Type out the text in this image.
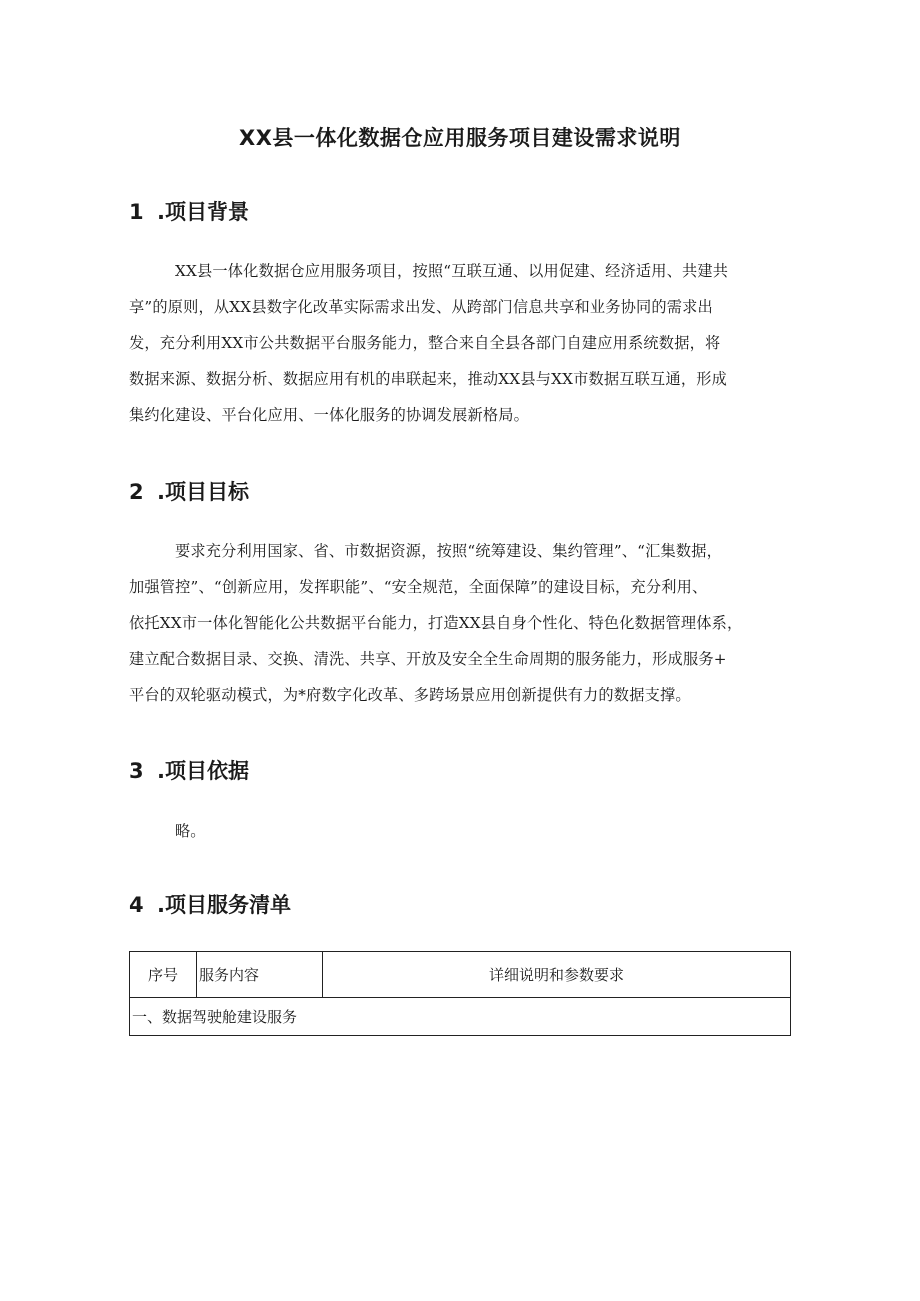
XX县一体化数据仓应用服务项目建设需求说明
1 .项目背景
XX县一体化数据仓应用服务项目，按照“互联互通、以用促建、经济适用、共建共
享”的原则，从XX县数字化改革实际需求出发、从跨部门信息共享和业务协同的需求出
发，充分利用XX市公共数据平台服务能力，整合来自全县各部门自建应用系统数据，将
数据来源、数据分析、数据应用有机的串联起来，推动XX县与XX市数据互联互通，形成
集约化建设、平台化应用、一体化服务的协调发展新格局。
2 .项目目标
要求充分利用国家、省、市数据资源，按照“统筹建设、集约管理”、“汇集数据，
加强管控”、“创新应用，发挥职能”、“安全规范，全面保障”的建设目标，充分利用、
依托XX市一体化智能化公共数据平台能力，打造XX县自身个性化、特色化数据管理体系，
建立配合数据目录、交换、清洗、共享、开放及安全全生命周期的服务能力，形成服务+
平台的双轮驱动模式，为*府数字化改革、多跨场景应用创新提供有力的数据支撑。
3 .项目依据
略。
4 .项目服务清单
序号	服务内容	详细说明和参数要求
一、数据驾驶舱建设服务
